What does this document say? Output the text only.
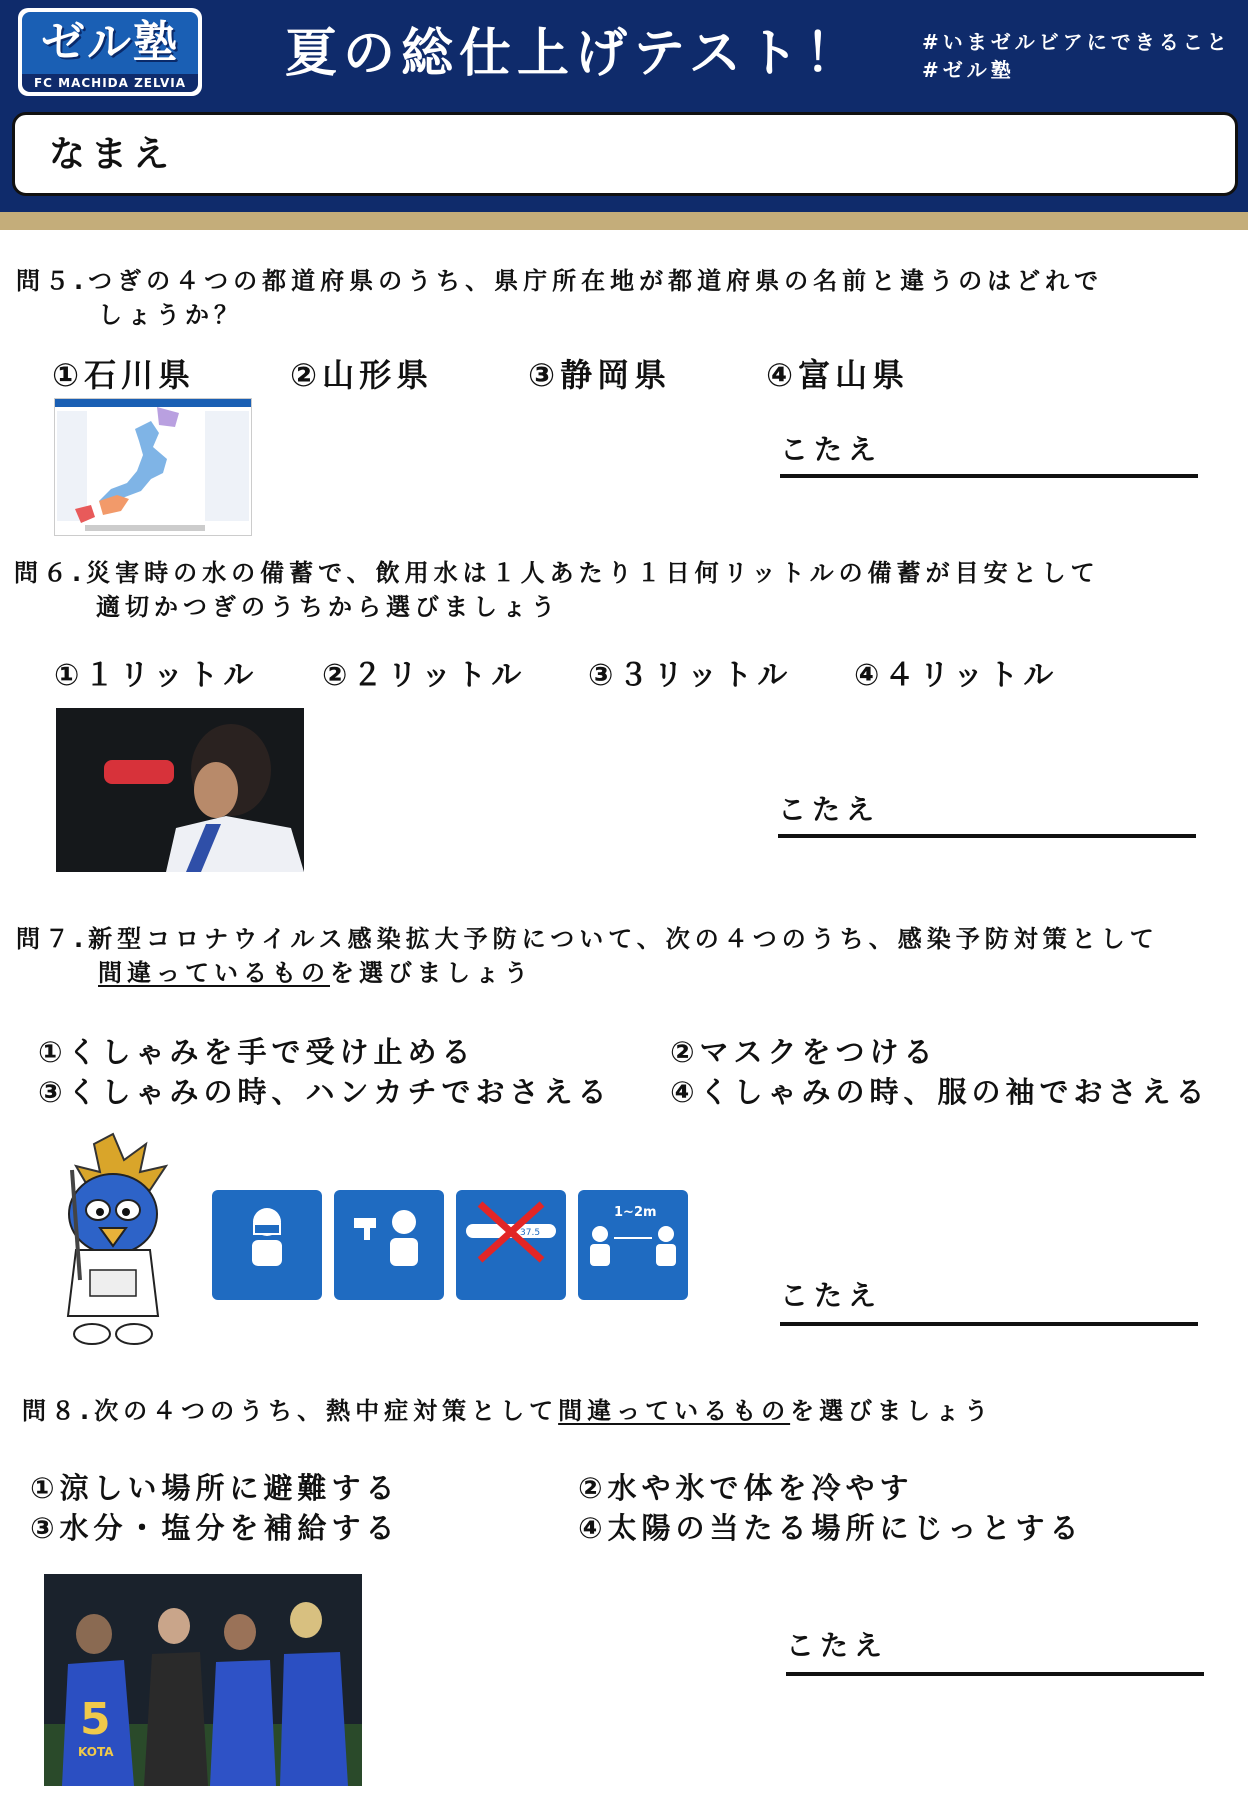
ゼル塾
FC MACHIDA ZELVIA 夏の総仕上げテスト！	#いまゼルビアにできること
#ゼル塾
なまえ
問５.つぎの４つの都道府県のうち、県庁所在地が都道府県の名前と違うのはどれで
しょうか？
①石川県	②山形県	③静岡県	④富山県
こたえ
問６.災害時の水の備蓄で、飲用水は１人あたり１日何リットルの備蓄が目安として
適切かつぎのうちから選びましょう
①１リットル ②２リットル ③３リットル ④４リットル
こたえ
問７.新型コロナウイルス感染拡大予防について、次の４つのうち、感染予防対策として
間違っているものを選びましょう
①くしゃみを手で受け止める	②マスクをつける
③くしゃみの時、ハンカチでおさえる ④くしゃみの時、服の袖でおさえる

37.5

1~2m

こたえ
問８.次の４つのうち、熱中症対策として間違っているものを選びましょう
①涼しい場所に避難する	②水や氷で体を冷やす
③水分・塩分を補給する	④太陽の当たる場所にじっとする
5
KOTA
こたえ
